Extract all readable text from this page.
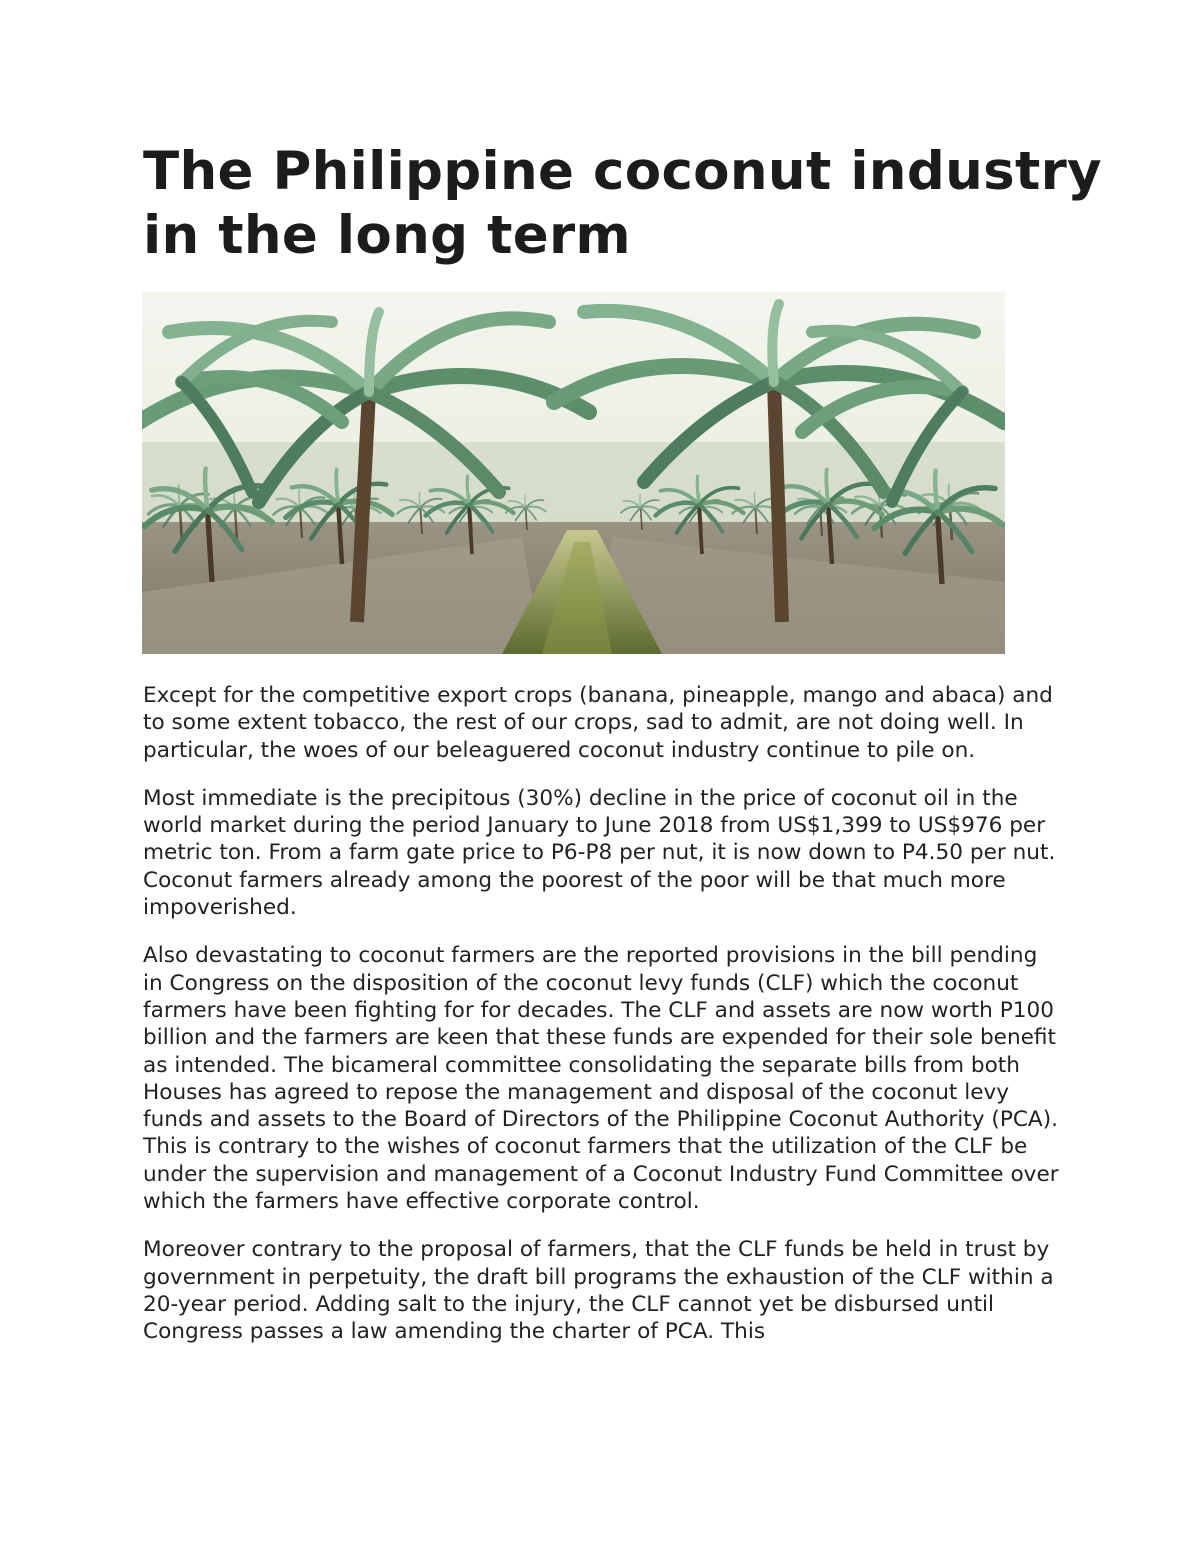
The Philippine coconut industry in the long term

Except for the competitive export crops (banana, pineapple, mango and abaca) and to some extent tobacco, the rest of our crops, sad to admit, are not doing well. In particular, the woes of our beleaguered coconut industry continue to pile on.

Most immediate is the precipitous (30%) decline in the price of coconut oil in the world market during the period January to June 2018 from US$1,399 to US$976 per metric ton. From a farm gate price to P6-P8 per nut, it is now down to P4.50 per nut. Coconut farmers already among the poorest of the poor will be that much more impoverished.

Also devastating to coconut farmers are the reported provisions in the bill pending in Congress on the disposition of the coconut levy funds (CLF) which the coconut farmers have been fighting for for decades. The CLF and assets are now worth P100 billion and the farmers are keen that these funds are expended for their sole benefit as intended. The bicameral committee consolidating the separate bills from both Houses has agreed to repose the management and disposal of the coconut levy funds and assets to the Board of Directors of the Philippine Coconut Authority (PCA). This is contrary to the wishes of coconut farmers that the utilization of the CLF be under the supervision and management of a Coconut Industry Fund Committee over which the farmers have effective corporate control.

Moreover contrary to the proposal of farmers, that the CLF funds be held in trust by government in perpetuity, the draft bill programs the exhaustion of the CLF within a 20-year period. Adding salt to the injury, the CLF cannot yet be disbursed until Congress passes a law amending the charter of PCA. This
